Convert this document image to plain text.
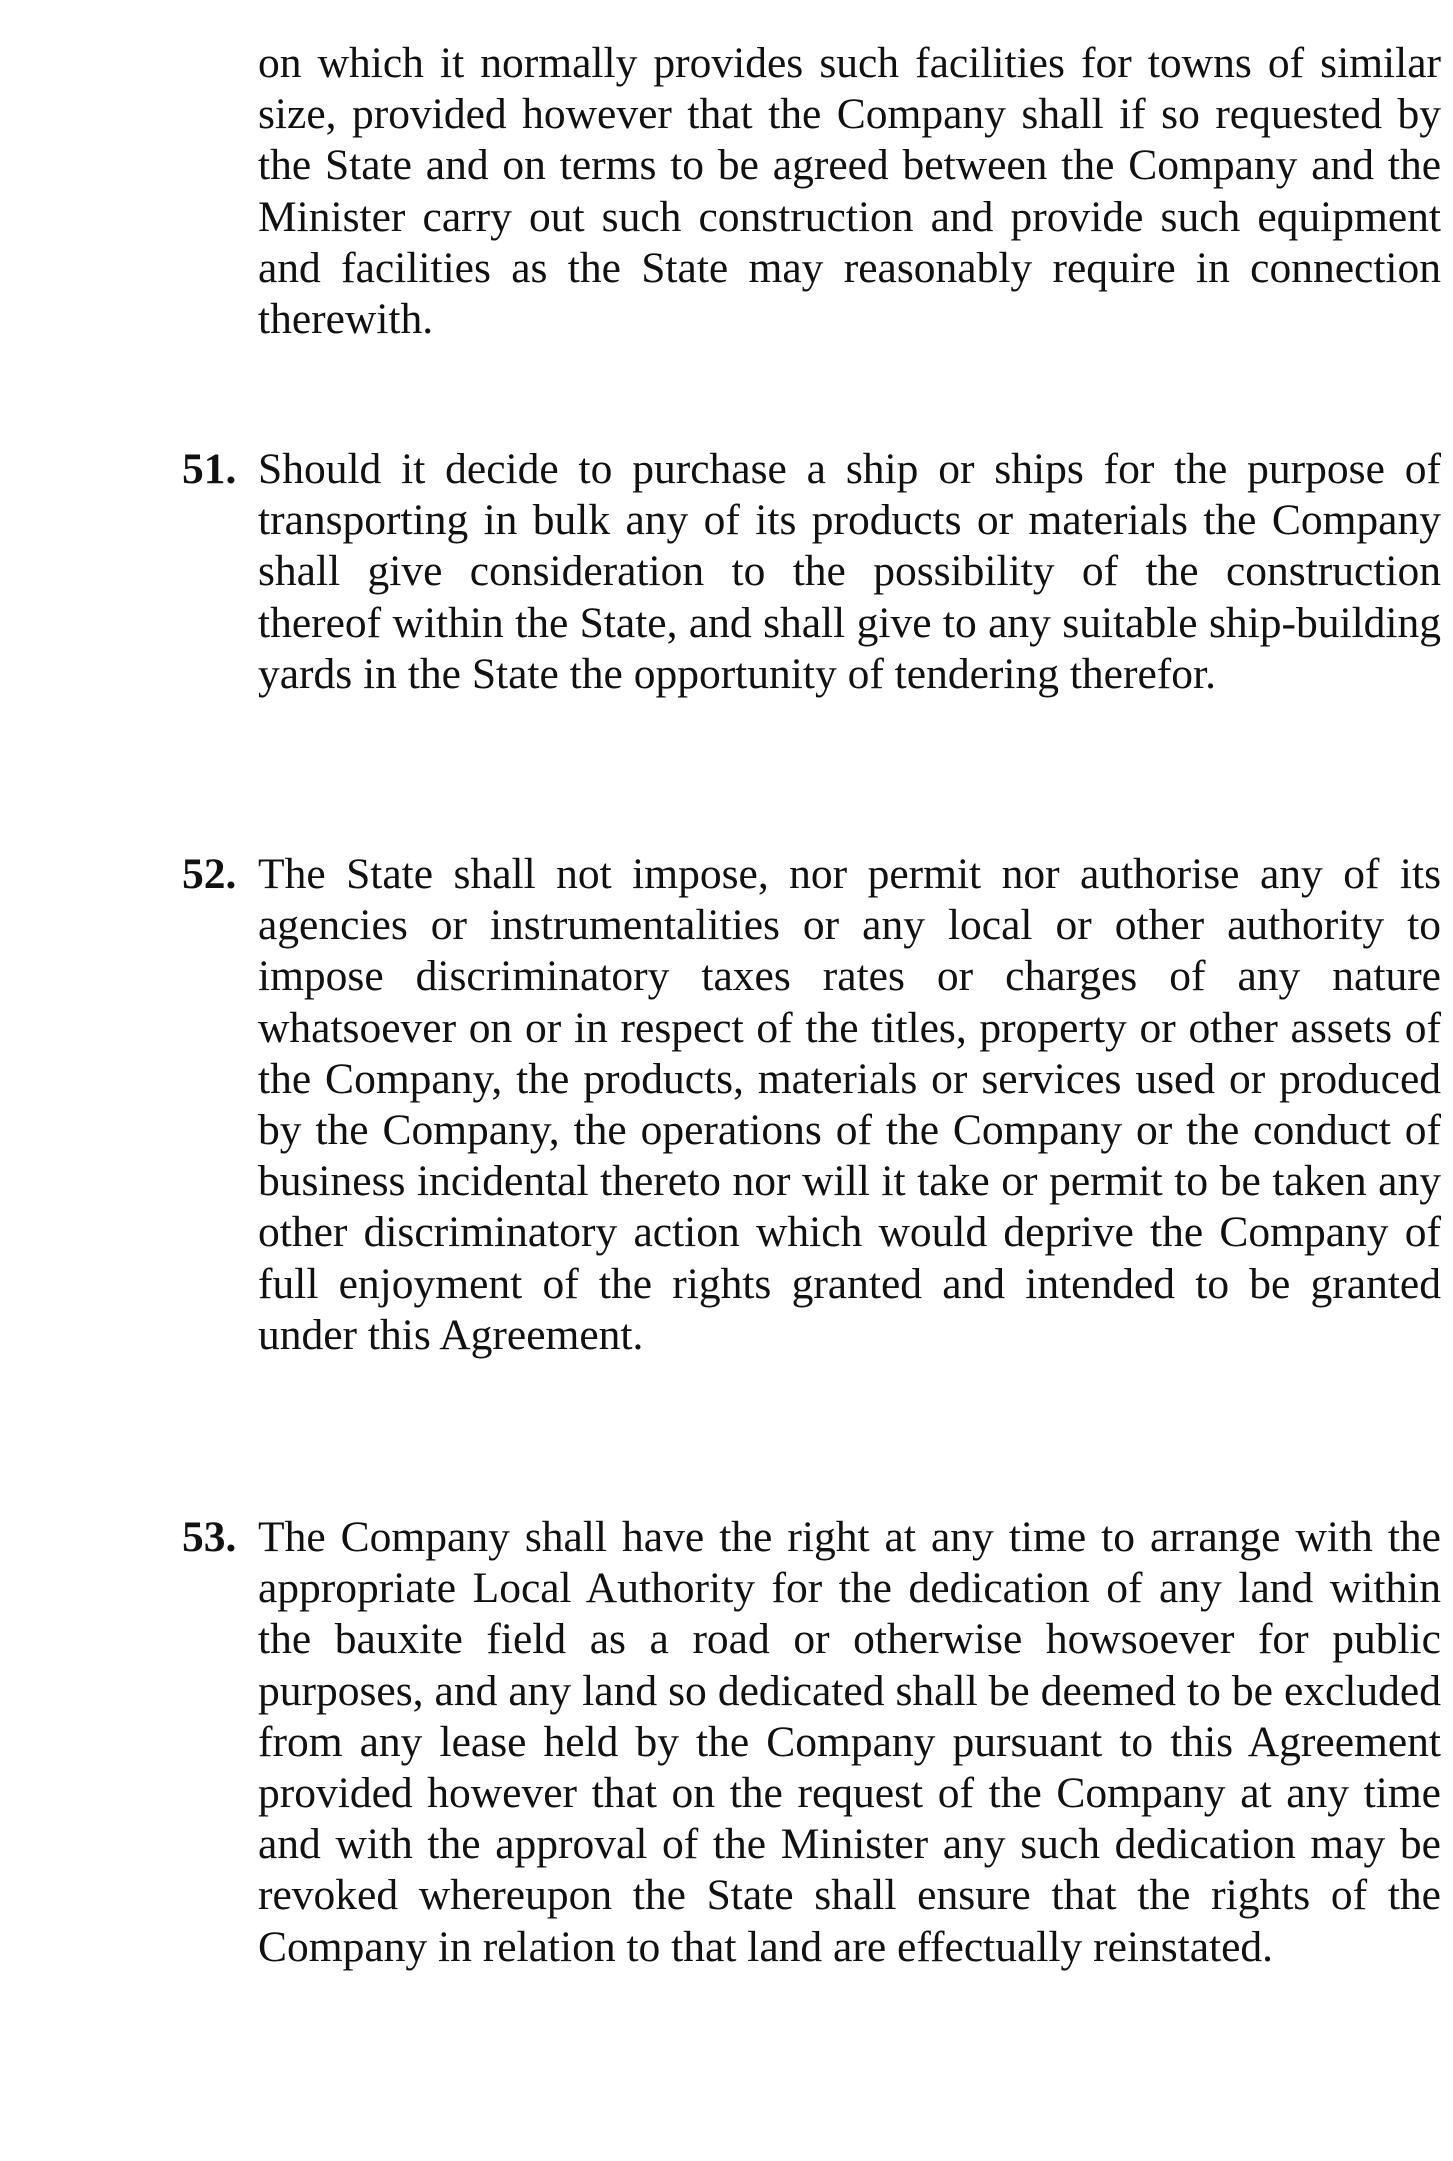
on which it normally provides such facilities for towns of similar size, provided however that the Company shall if so requested by the State and on terms to be agreed between the Company and the Minister carry out such construction and provide such equipment and facilities as the State may reasonably require in connection therewith.

51. Should it decide to purchase a ship or ships for the purpose of transporting in bulk any of its products or materials the Company shall give consideration to the possibility of the construction thereof within the State, and shall give to any suitable ship-building yards in the State the opportunity of tendering therefor.

52. The State shall not impose, nor permit nor authorise any of its agencies or instrumentalities or any local or other authority to impose discriminatory taxes rates or charges of any nature whatsoever on or in respect of the titles, property or other assets of the Company, the products, materials or services used or produced by the Company, the operations of the Company or the conduct of business incidental thereto nor will it take or permit to be taken any other discriminatory action which would deprive the Company of full enjoyment of the rights granted and intended to be granted under this Agreement.

53. The Company shall have the right at any time to arrange with the appropriate Local Authority for the dedication of any land within the bauxite field as a road or otherwise howsoever for public purposes, and any land so dedicated shall be deemed to be excluded from any lease held by the Company pursuant to this Agreement provided however that on the request of the Company at any time and with the approval of the Minister any such dedication may be revoked whereupon the State shall ensure that the rights of the Company in relation to that land are effectually reinstated.
